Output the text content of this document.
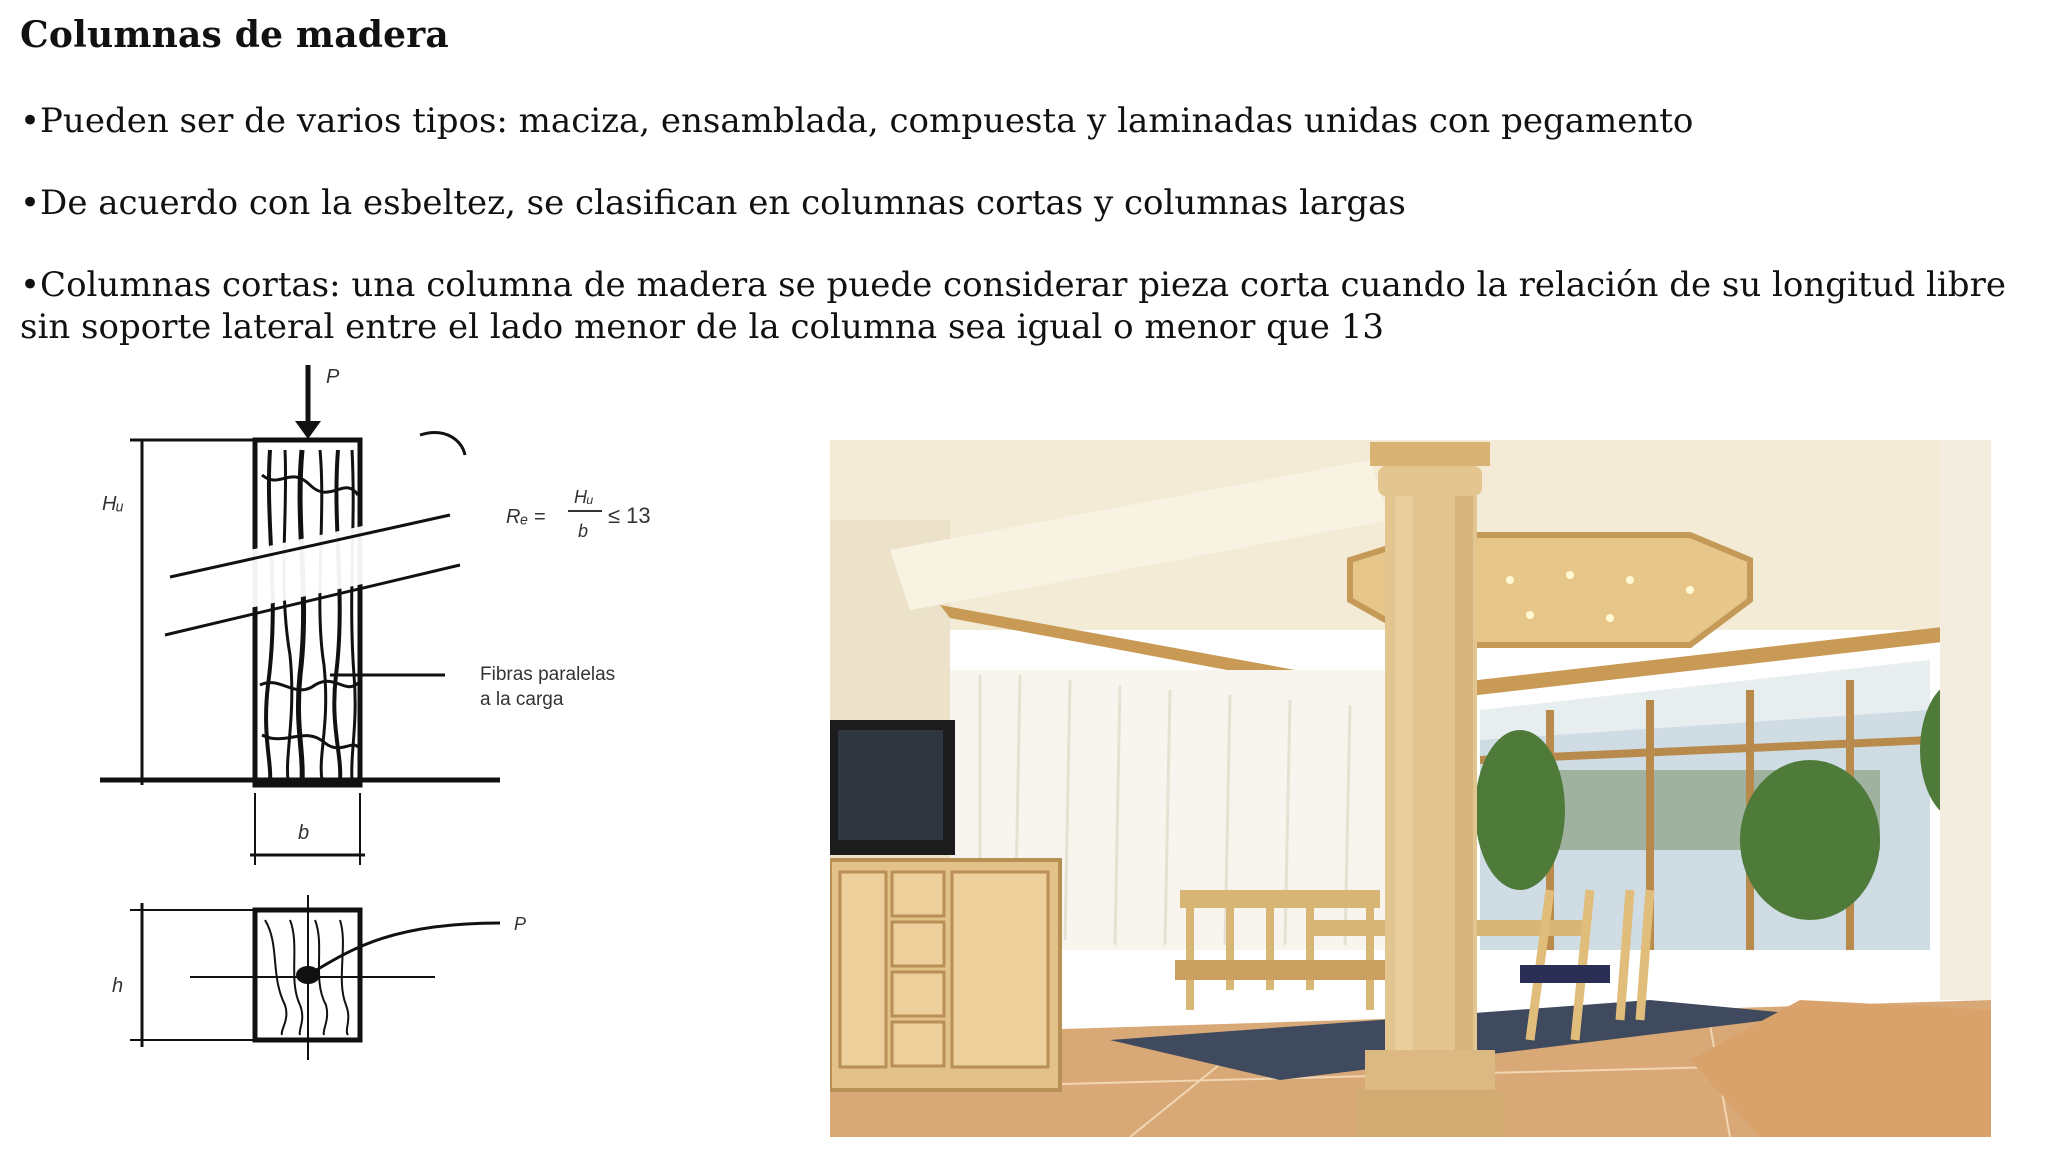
Columnas de madera
•Pueden ser de varios tipos: maciza, ensamblada, compuesta y laminadas unidas con pegamento
•De acuerdo con la esbeltez, se clasifican en columnas cortas y columnas largas
•Columnas cortas: una columna de madera se puede considerar pieza corta cuando la relación de su longitud libre sin soporte lateral entre el lado menor de la columna sea igual o menor que 13
P
Hᵤ
Rₑ =
Hᵤ
b
≤ 13
Fibras paralelas
a la carga
b
P
h
